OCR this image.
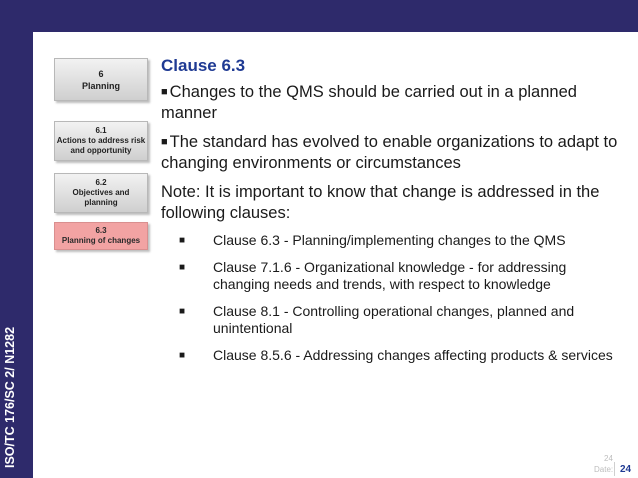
ISO/TC 176/SC 2/ N1282
6
Planning
6.1
Actions to address risk and opportunity
6.2
Objectives and planning
6.3
Planning of changes
Clause 6.3

■ Changes to the QMS should be carried out in a planned manner

■ The standard has evolved to enable organizations to adapt to changing environments or circumstances

Note: It is important to know that change is addressed in the following clauses:

■ Clause 6.3 - Planning/implementing changes to the QMS
■ Clause 7.1.6 - Organizational knowledge - for addressing changing needs and trends, with respect to knowledge
■ Clause 8.1 - Controlling operational changes, planned and unintentional
■ Clause 8.5.6 - Addressing changes affecting products & services
24
Date: 24
